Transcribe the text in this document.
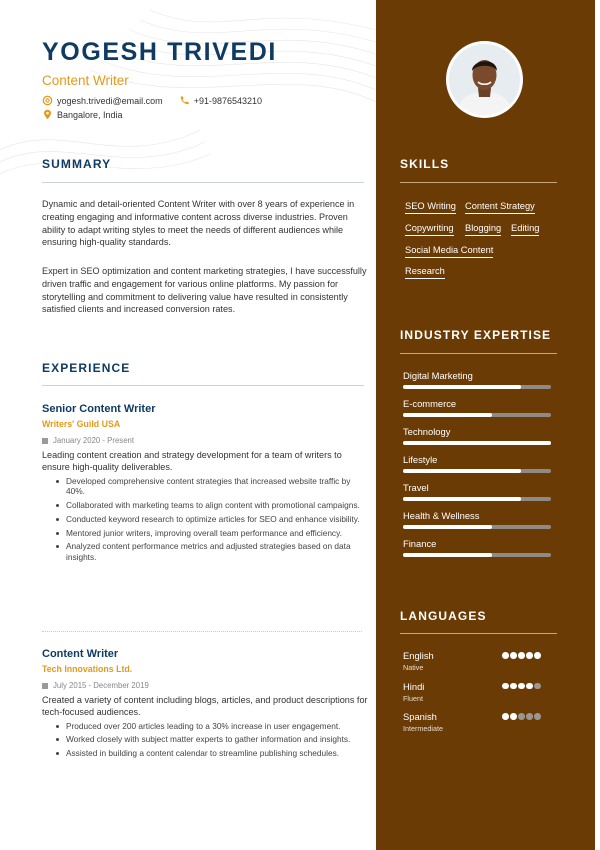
YOGESH TRIVEDI
Content Writer
yogesh.trivedi@email.com	+91-9876543210
Bangalore, India
SUMMARY
Dynamic and detail-oriented Content Writer with over 8 years of experience in creating engaging and informative content across diverse industries. Proven ability to adapt writing styles to meet the needs of different audiences while ensuring high-quality standards.
Expert in SEO optimization and content marketing strategies, I have successfully driven traffic and engagement for various online platforms. My passion for storytelling and commitment to delivering value have resulted in consistently satisfied clients and increased conversion rates.
EXPERIENCE
Senior Content Writer
Writers' Guild USA
January 2020 - Present
Leading content creation and strategy development for a team of writers to ensure high-quality deliverables.
Developed comprehensive content strategies that increased website traffic by 40%.
Collaborated with marketing teams to align content with promotional campaigns.
Conducted keyword research to optimize articles for SEO and enhance visibility.
Mentored junior writers, improving overall team performance and efficiency.
Analyzed content performance metrics and adjusted strategies based on data insights.
Content Writer
Tech Innovations Ltd.
July 2015 - December 2019
Created a variety of content including blogs, articles, and product descriptions for tech-focused audiences.
Produced over 200 articles leading to a 30% increase in user engagement.
Worked closely with subject matter experts to gather information and insights.
Assisted in building a content calendar to streamline publishing schedules.
SKILLS
SEO Writing Content Strategy
Copywriting Blogging Editing
Social Media Content
Research
INDUSTRY EXPERTISE
Digital Marketing
E-commerce
Technology
Lifestyle
Travel
Health & Wellness
Finance
LANGUAGES
English
Native
Hindi
Fluent
Spanish
Intermediate
